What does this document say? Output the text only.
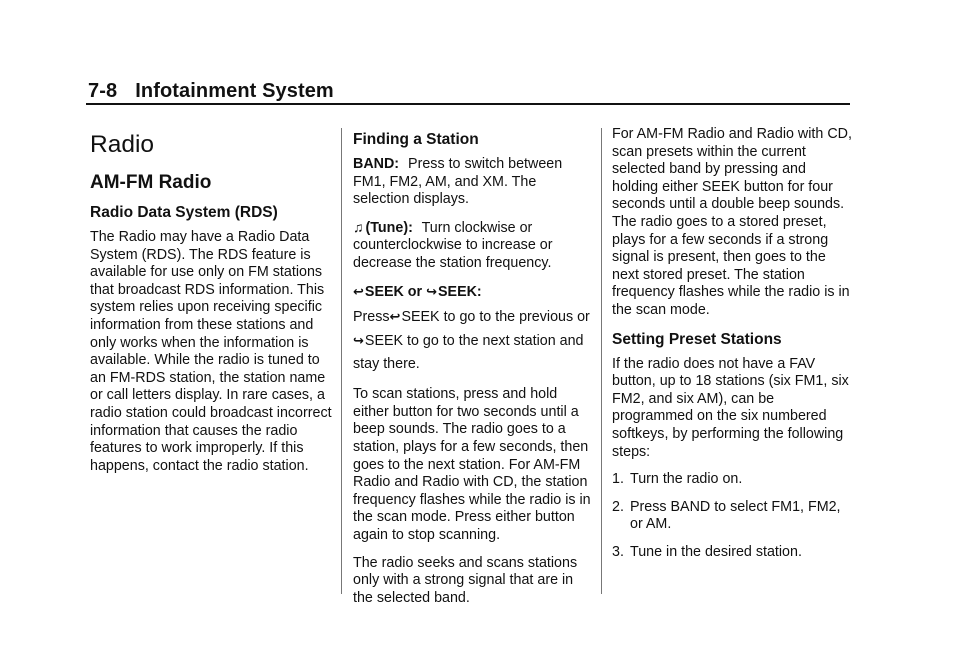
7-8 Infotainment System
Radio
AM-FM Radio
Radio Data System (RDS)

The Radio may have a Radio Data System (RDS). The RDS feature is available for use only on FM stations that broadcast RDS information. This system relies upon receiving specific information from these stations and only works when the information is available. While the radio is tuned to an FM-RDS station, the station name or call letters display. In rare cases, a radio station could broadcast incorrect information that causes the radio features to work improperly. If this happens, contact the radio station.

Finding a Station

BAND: Press to switch between FM1, FM2, AM, and XM. The selection displays.

♫ (Tune): Turn clockwise or counterclockwise to increase or decrease the station frequency.

↩SEEK or ↪SEEK:

Press↩SEEK to go to the previous or↪SEEK to go to the next station and stay there.

To scan stations, press and hold either button for two seconds until a beep sounds. The radio goes to a station, plays for a few seconds, then goes to the next station. For AM-FM Radio and Radio with CD, the station frequency flashes while the radio is in the scan mode. Press either button again to stop scanning.

The radio seeks and scans stations only with a strong signal that are in the selected band.

For AM-FM Radio and Radio with CD, scan presets within the current selected band by pressing and holding either SEEK button for four seconds until a double beep sounds. The radio goes to a stored preset, plays for a few seconds if a strong signal is present, then goes to the next stored preset. The station frequency flashes while the radio is in the scan mode.

Setting Preset Stations

If the radio does not have a FAV button, up to 18 stations (six FM1, six FM2, and six AM), can be programmed on the six numbered softkeys, by performing the following steps:

1. Turn the radio on.
2. Press BAND to select FM1, FM2, or AM.
3. Tune in the desired station.
